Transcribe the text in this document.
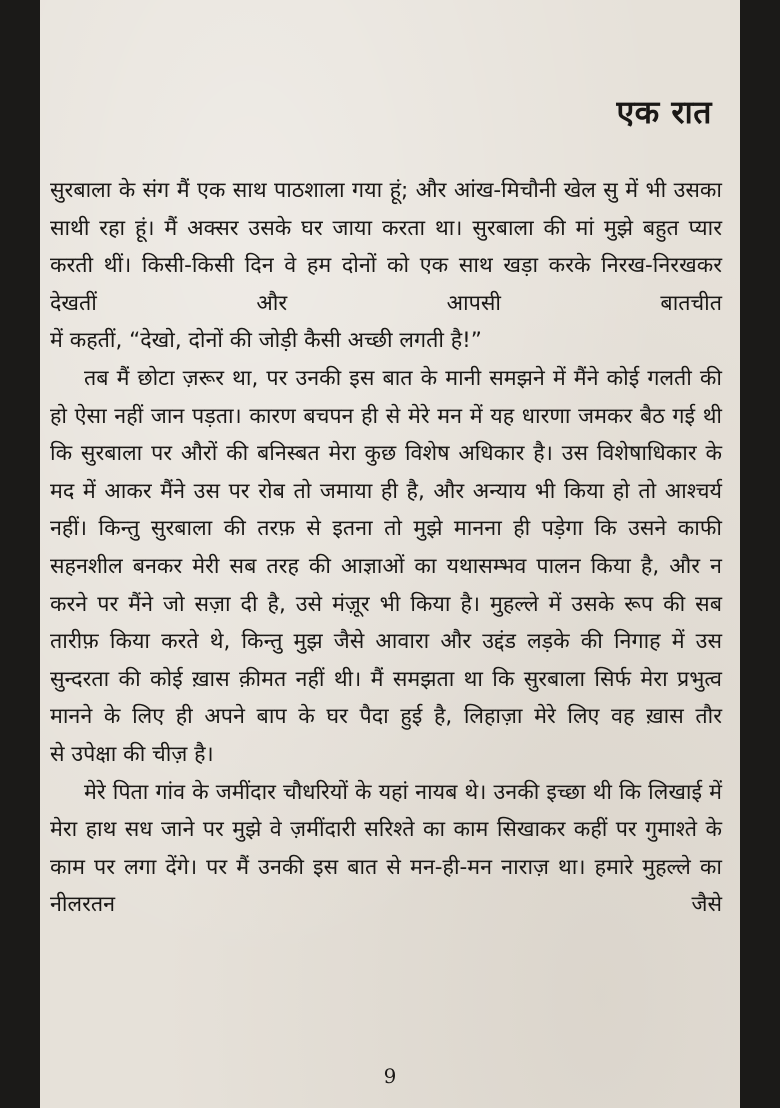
एक रात

सुरबाला के संग मैं एक साथ पाठशाला गया हूं; और आंख-मिचौनी खेल सु में भी उसका साथी रहा हूं। मैं अक्सर उसके घर जाया करता था। सुरबाला की मां मुझे बहुत प्यार करती थीं। किसी-किसी दिन वे हम दोनों को एक साथ खड़ा करके निरख-निरखकर देखतीं और आपसी बातचीत
में कहतीं, “देखो, दोनों की जोड़ी कैसी अच्छी लगती है!”

तब मैं छोटा ज़रूर था, पर उनकी इस बात के मानी समझने में मैंने कोई गलती की हो ऐसा नहीं जान पड़ता। कारण बचपन ही से मेरे मन में यह धारणा जमकर बैठ गई थी कि सुरबाला पर औरों की बनिस्बत मेरा कुछ विशेष अधिकार है। उस विशेषाधिकार के मद में आकर मैंने उस पर रोब तो जमाया ही है, और अन्याय भी किया हो तो आश्चर्य नहीं। किन्तु सुरबाला की तरफ़ से इतना तो मुझे मानना ही पड़ेगा कि उसने काफी सहनशील बनकर मेरी सब तरह की आज्ञाओं का यथासम्भव पालन किया है, और न करने पर मैंने जो सज़ा दी है, उसे मंज़ूर भी किया है। मुहल्ले में उसके रूप की सब तारीफ़ किया करते थे, किन्तु मुझ जैसे आवारा और उद्दंड लड़के की निगाह में उस सुन्दरता की कोई ख़ास क़ीमत नहीं थी। मैं समझता था कि सुरबाला सिर्फ मेरा प्रभुत्व मानने के लिए ही अपने बाप के घर पैदा हुई है, लिहाज़ा मेरे लिए वह ख़ास तौर
से उपेक्षा की चीज़ है।

मेरे पिता गांव के जमींदार चौधरियों के यहां नायब थे। उनकी इच्छा थी कि लिखाई में मेरा हाथ सध जाने पर मुझे वे ज़मींदारी सरिश्ते का काम सिखाकर कहीं पर गुमाश्ते के काम पर लगा देंगे। पर मैं उनकी इस बात से मन-ही-मन नाराज़ था। हमारे मुहल्ले का नीलरतन जैसे

9
